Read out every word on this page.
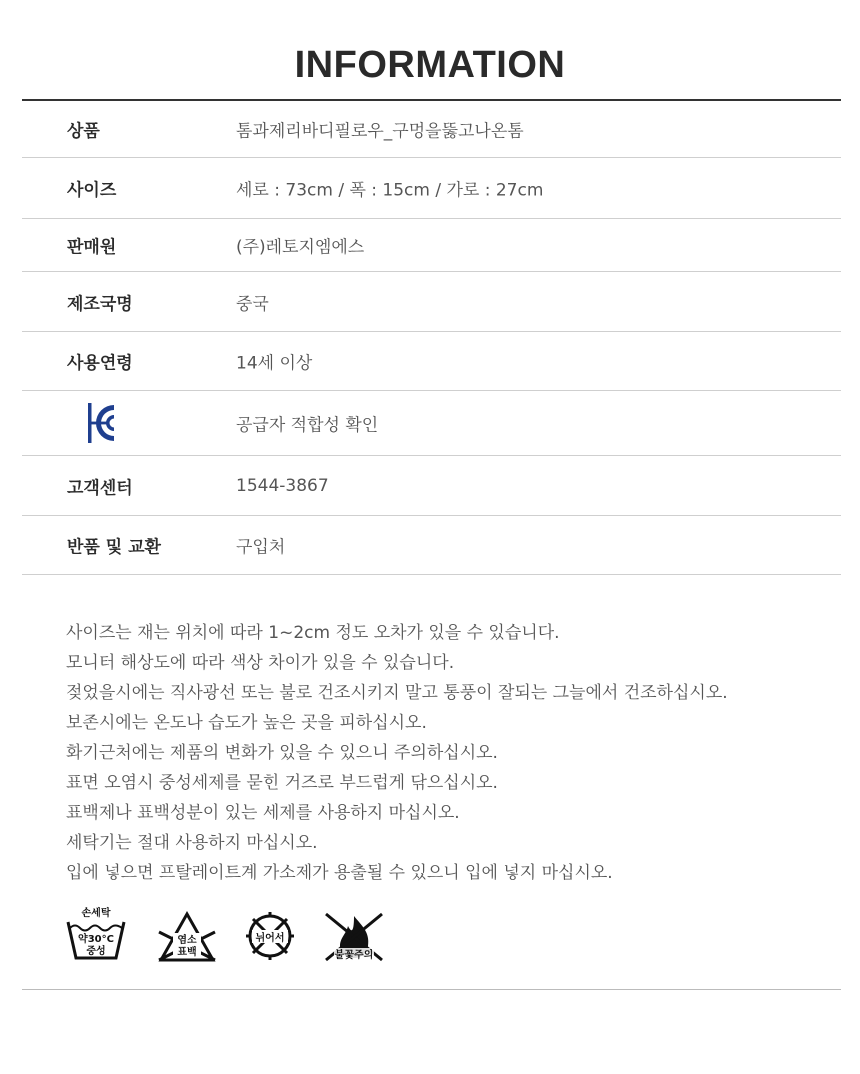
INFORMATION
상품	톰과제리바디필로우_구멍을뚫고나온톰
사이즈	세로 : 73cm / 폭 : 15cm / 가로 : 27cm
판매원	(주)레토지엠에스
제조국명	중국
사용연령	14세 이상
공급자 적합성 확인
고객센터	1544-3867
반품 및 교환	구입처
사이즈는 재는 위치에 따라 1~2cm 정도 오차가 있을 수 있습니다.
모니터 해상도에 따라 색상 차이가 있을 수 있습니다.
젖었을시에는 직사광선 또는 불로 건조시키지 말고 통풍이 잘되는 그늘에서 건조하십시오.
보존시에는 온도나 습도가 높은 곳을 피하십시오.
화기근처에는 제품의 변화가 있을 수 있으니 주의하십시오.
표면 오염시 중성세제를 묻힌 거즈로 부드럽게 닦으십시오.
표백제나 표백성분이 있는 세제를 사용하지 마십시오.
세탁기는 절대 사용하지 마십시오.
입에 넣으면 프탈레이트계 가소제가 용출될 수 있으니 입에 넣지 마십시오.
손세탁
약30°C
중성
염소
표백
뉘어서
불꽃주의
